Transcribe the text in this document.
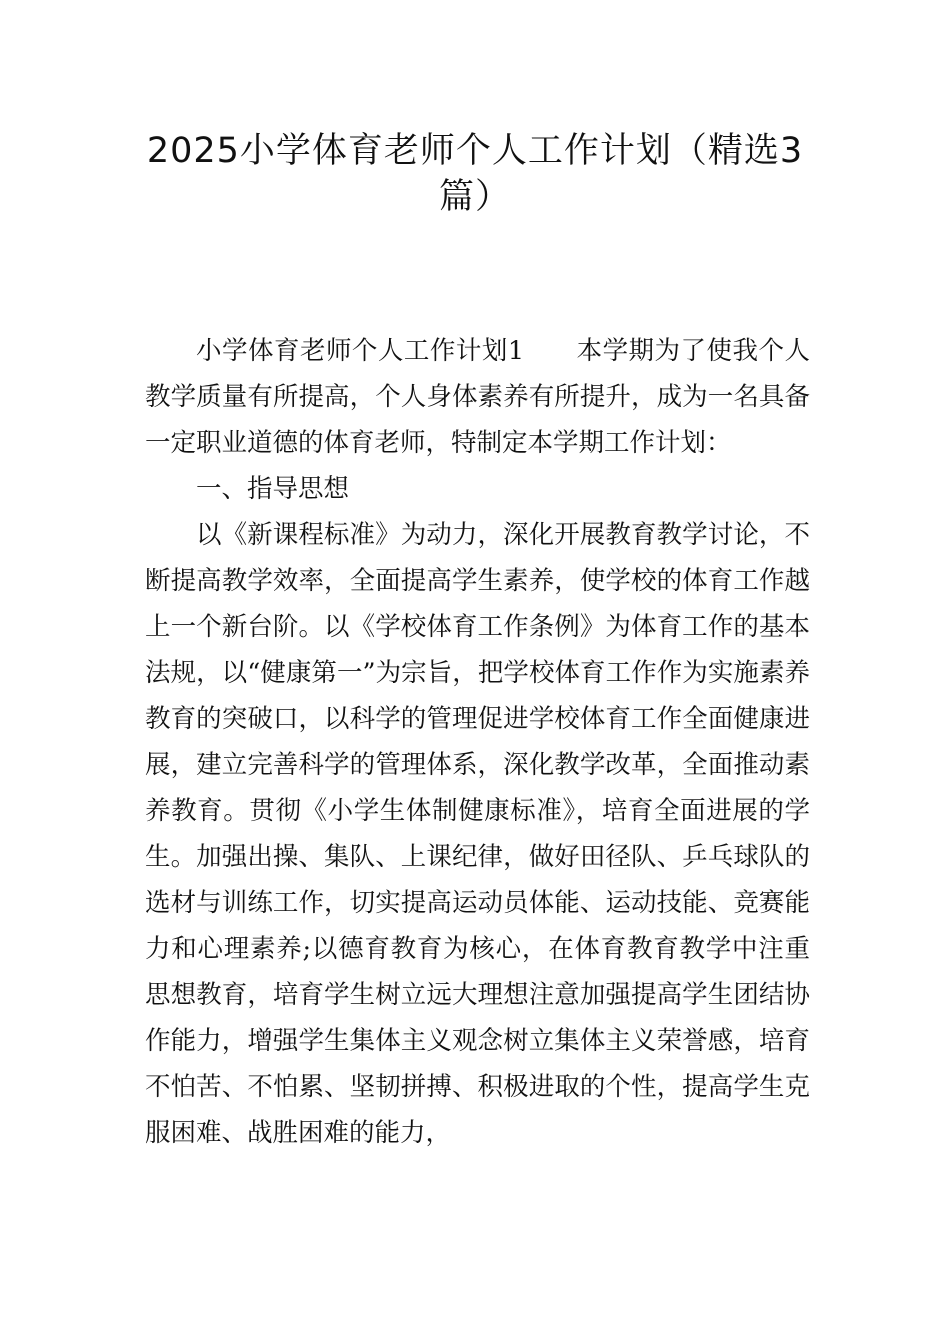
2025小学体育老师个人工作计划（精选3篇）

小学体育老师个人工作计划1 本学期为了使我个人教学质量有所提高，个人身体素养有所提升，成为一名具备一定职业道德的体育老师，特制定本学期工作计划：

一、指导思想

以《新课程标准》为动力，深化开展教育教学讨论，不断提高教学效率，全面提高学生素养，使学校的体育工作越上一个新台阶。以《学校体育工作条例》为体育工作的基本法规，以“健康第一”为宗旨，把学校体育工作作为实施素养教育的突破口，以科学的管理促进学校体育工作全面健康进展，建立完善科学的管理体系，深化教学改革，全面推动素养教育。贯彻《小学生体制健康标准》，培育全面进展的学生。加强出操、集队、上课纪律，做好田径队、乒乓球队的选材与训练工作，切实提高运动员体能、运动技能、竞赛能力和心理素养;以德育教育为核心，在体育教育教学中注重思想教育，培育学生树立远大理想注意加强提高学生团结协作能力，增强学生集体主义观念树立集体主义荣誉感，培育不怕苦、不怕累、坚韧拼搏、积极进取的个性，提高学生克服困难、战胜困难的能力，
